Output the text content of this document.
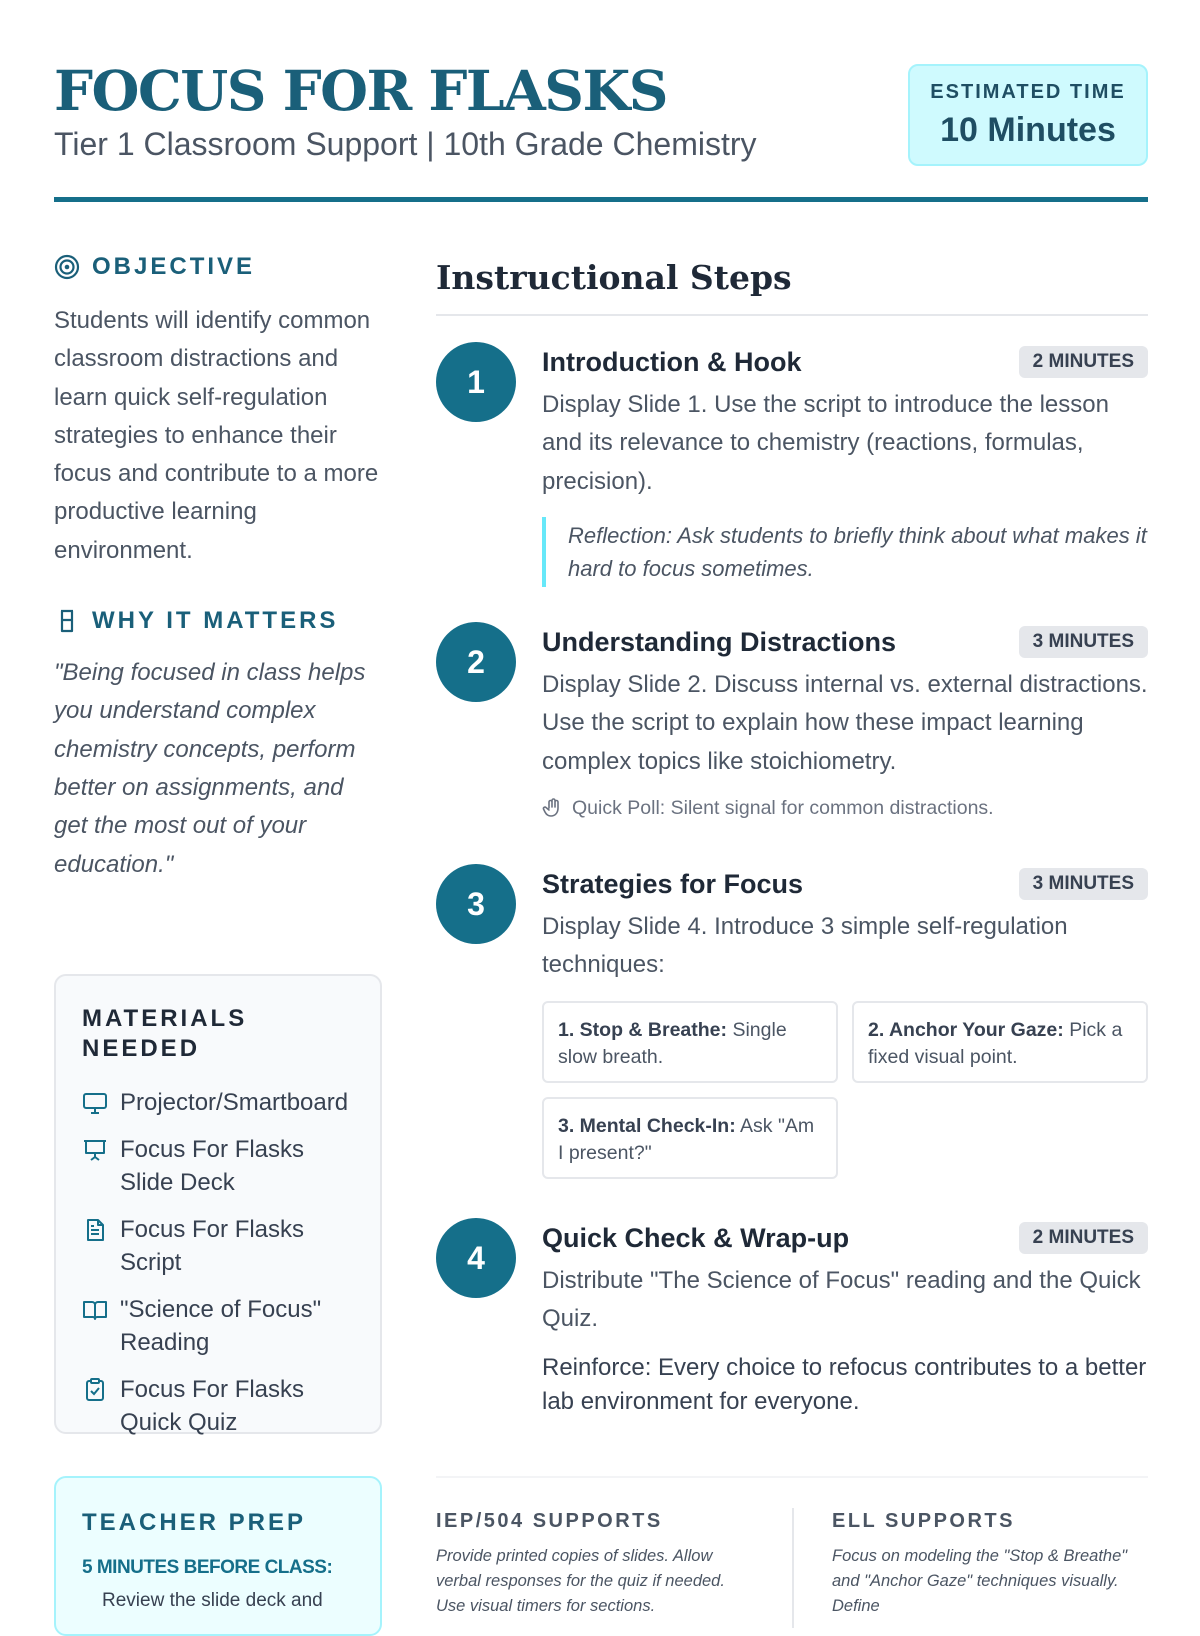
FOCUS FOR FLASKS
Tier 1 Classroom Support | 10th Grade Chemistry
ESTIMATED TIME
10 Minutes
OBJECTIVE
Students will identify common classroom distractions and learn quick self-regulation strategies to enhance their focus and contribute to a more productive learning environment.
WHY IT MATTERS
"Being focused in class helps you understand complex chemistry concepts, perform better on assignments, and get the most out of your education."
MATERIALS NEEDED
Projector/Smartboard
Focus For Flasks Slide Deck
Focus For Flasks Script
"Science of Focus" Reading
Focus For Flasks Quick Quiz
TEACHER PREP
5 MINUTES BEFORE CLASS:
Review the slide deck and
Instructional Steps
1
Introduction & Hook	2 MINUTES
Display Slide 1. Use the script to introduce the lesson and its relevance to chemistry (reactions, formulas, precision).
Reflection: Ask students to briefly think about what makes it hard to focus sometimes.
2
Understanding Distractions	3 MINUTES
Display Slide 2. Discuss internal vs. external distractions. Use the script to explain how these impact learning complex topics like stoichiometry.
Quick Poll: Silent signal for common distractions.
3
Strategies for Focus	3 MINUTES
Display Slide 4. Introduce 3 simple self-regulation techniques:
1. Stop & Breathe: Single slow breath.
2. Anchor Your Gaze: Pick a fixed visual point.
3. Mental Check-In: Ask "Am I present?"
4
Quick Check & Wrap-up	2 MINUTES
Distribute "The Science of Focus" reading and the Quick Quiz.
Reinforce: Every choice to refocus contributes to a better lab environment for everyone.
IEP/504 SUPPORTS
Provide printed copies of slides. Allow verbal responses for the quiz if needed. Use visual timers for sections.
ELL SUPPORTS
Focus on modeling the "Stop & Breathe" and "Anchor Gaze" techniques visually. Define
